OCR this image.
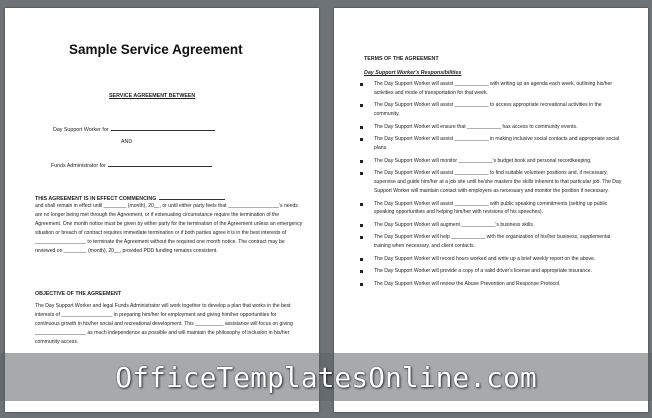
Sample Service Agreement
SERVICE AGREEMENT BETWEEN
Day Support Worker for
AND
Funds Administrator for
THIS AGREEMENT IS IN EFFECT COMMENCING
and shall remain in effect until ________ (month), 20__, or until either party feels that __________________'s needs are no longer being met through the Agreement, or if extenuating circumstance require the termination of the Agreement. One month notice must be given by either party for the termination of the Agreement unless an emergency situation or breach of contract requires immediate termination or if both parties agree it is in the best interests of __________________ to terminate the Agreement without the required one month notice. The contract may be reviewed on ________ (month), 20__, provided PDD funding remains consistent.
OBJECTIVE OF THE AGREEMENT
The Day Support Worker and legal Funds Administrator will work together to develop a plan that works in the best interests of __________________ in preparing him/her for employment and giving him/her opportunities for continuous growth in his/her social and recreational development. This __________ assistance will focus on giving __________________ as much independence as possible and will maintain the philosophy of inclusion in his/her community access.
TERMS OF THE AGREEMENT
Day Support Worker's Responsibilities
The Day Support Worker will assist ____________ with writing up an agenda each week, outlining his/her activities and mode of transportation for that week.
The Day Support Worker will assist ____________ to access appropriate recreational activities in the community.
The Day Support Worker will ensure that ____________ has access to community events.
The Day Support Worker will assist ____________ in making inclusive social contacts and appropriate social plans.
The Day Support Worker will monitor ____________'s budget book and personal recordkeeping.
The Day Support Worker will assist ____________ to find suitable volunteer positions and, if necessary, supervise and guide him/her at a job site until he/she masters the skills inherent to that particular job. The Day Support Worker will maintain contact with employers as necessary and monitor the position if necessary.
The Day Support Worker will assist ____________ with public speaking commitments (setting up public speaking opportunities and helping him/her with revisions of his speeches).
The Day Support Worker will augment ____________'s business skills.
The Day Support Worker will help ____________ with the organization of his/her business, supplemental training when necessary, and client contacts.
The Day Support Worker will record hours worked and write up a brief weekly report on the above.
The Day Support Worker will provide a copy of a valid driver's license and appropriate insurance.
The Day Support Worker will review the Abuse Prevention and Response Protocol.
OfficeTemplatesOnline.com
